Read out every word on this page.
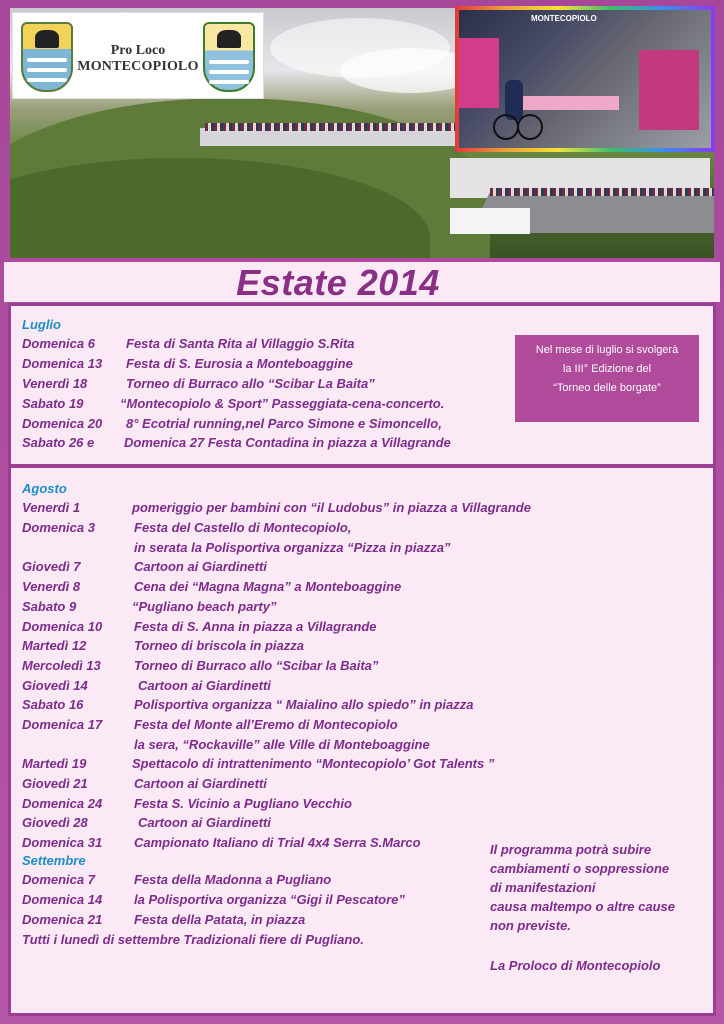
Pro Loco
MONTECOPIOLO
MONTECOPIOLO
Estate 2014
Luglio
Domenica 6 Festa di Santa Rita al Villaggio S.Rita
Domenica 13 Festa di S. Eurosia a Monteboaggine
Venerdì 18	Torneo di Burraco allo “Scibar La Baita”
Sabato 19	“Montecopiolo & Sport” Passeggiata-cena-concerto.
Domenica 20 8° Ecotrial running,nel Parco Simone e Simoncello,
Sabato 26 e Domenica 27 Festa Contadina in piazza a Villagrande
Nel mese di luglio si svolgerà
la III° Edizione del
“Torneo delle borgate”
Agosto
Venerdì 1	pomeriggio per bambini con “il Ludobus” in piazza a Villagrande
Domenica 3	Festa del Castello di Montecopiolo,
in serata la Polisportiva organizza “Pizza in piazza”
Giovedì 7	Cartoon ai Giardinetti
Venerdì 8	Cena dei “Magna Magna” a Monteboaggine
Sabato 9	“Pugliano beach party”
Domenica 10 Festa di S. Anna in piazza a Villagrande
Martedì 12	Torneo di briscola in piazza
Mercoledì 13	Torneo di Burraco allo “Scibar la Baita”
Giovedì 14	Cartoon ai Giardinetti
Sabato 16	Polisportiva organizza “ Maialino allo spiedo” in piazza
Domenica 17 Festa del Monte all’Eremo di Montecopiolo
la sera, “Rockaville” alle Ville di Monteboaggine
Martedì 19	Spettacolo di intrattenimento “Montecopiolo’ Got Talents ”
Giovedì 21	Cartoon ai Giardinetti
Domenica 24 Festa S. Vicinio a Pugliano Vecchio
Giovedì 28	Cartoon ai Giardinetti
Domenica 31 Campionato Italiano di Trial 4x4 Serra S.Marco
Settembre
Domenica 7	Festa della Madonna a Pugliano
Domenica 14 la Polisportiva organizza “Gigi il Pescatore”
Domenica 21 Festa della Patata, in piazza
Tutti i lunedì di settembre Tradizionali fiere di Pugliano.
Il programma potrà subire
cambiamenti o soppressione
di manifestazioni
causa maltempo o altre cause
non previste.
La Proloco di Montecopiolo
